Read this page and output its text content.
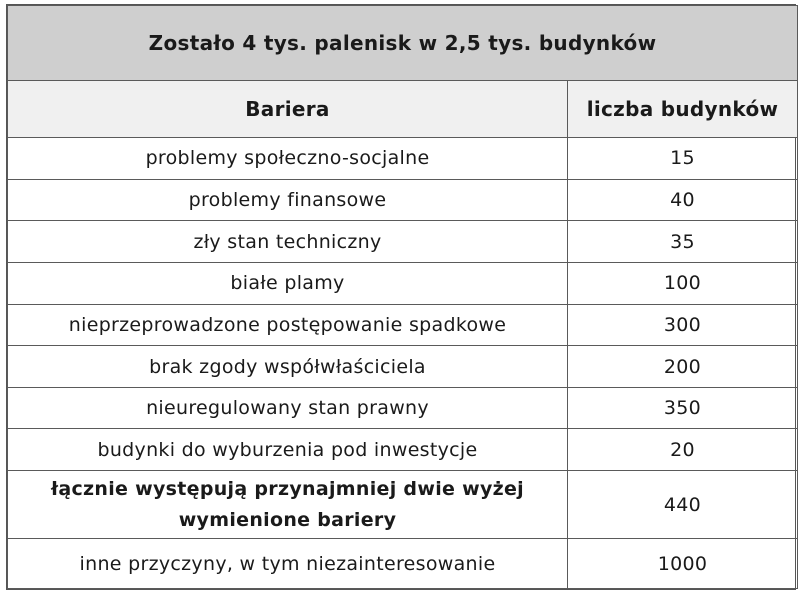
Zostało 4 tys. palenisk w 2,5 tys. budynków	
Bariera	liczba budynków
problemy społeczno-socjalne	15
problemy finansowe	40
zły stan techniczny	35
białe plamy	100
nieprzeprowadzone postępowanie spadkowe	300
brak zgody współwłaściciela	200
nieuregulowany stan prawny	350
budynki do wyburzenia pod inwestycje	20
łącznie występują przynajmniej dwie wyżej wymienione bariery	440
inne przyczyny, w tym niezainteresowanie	1000
